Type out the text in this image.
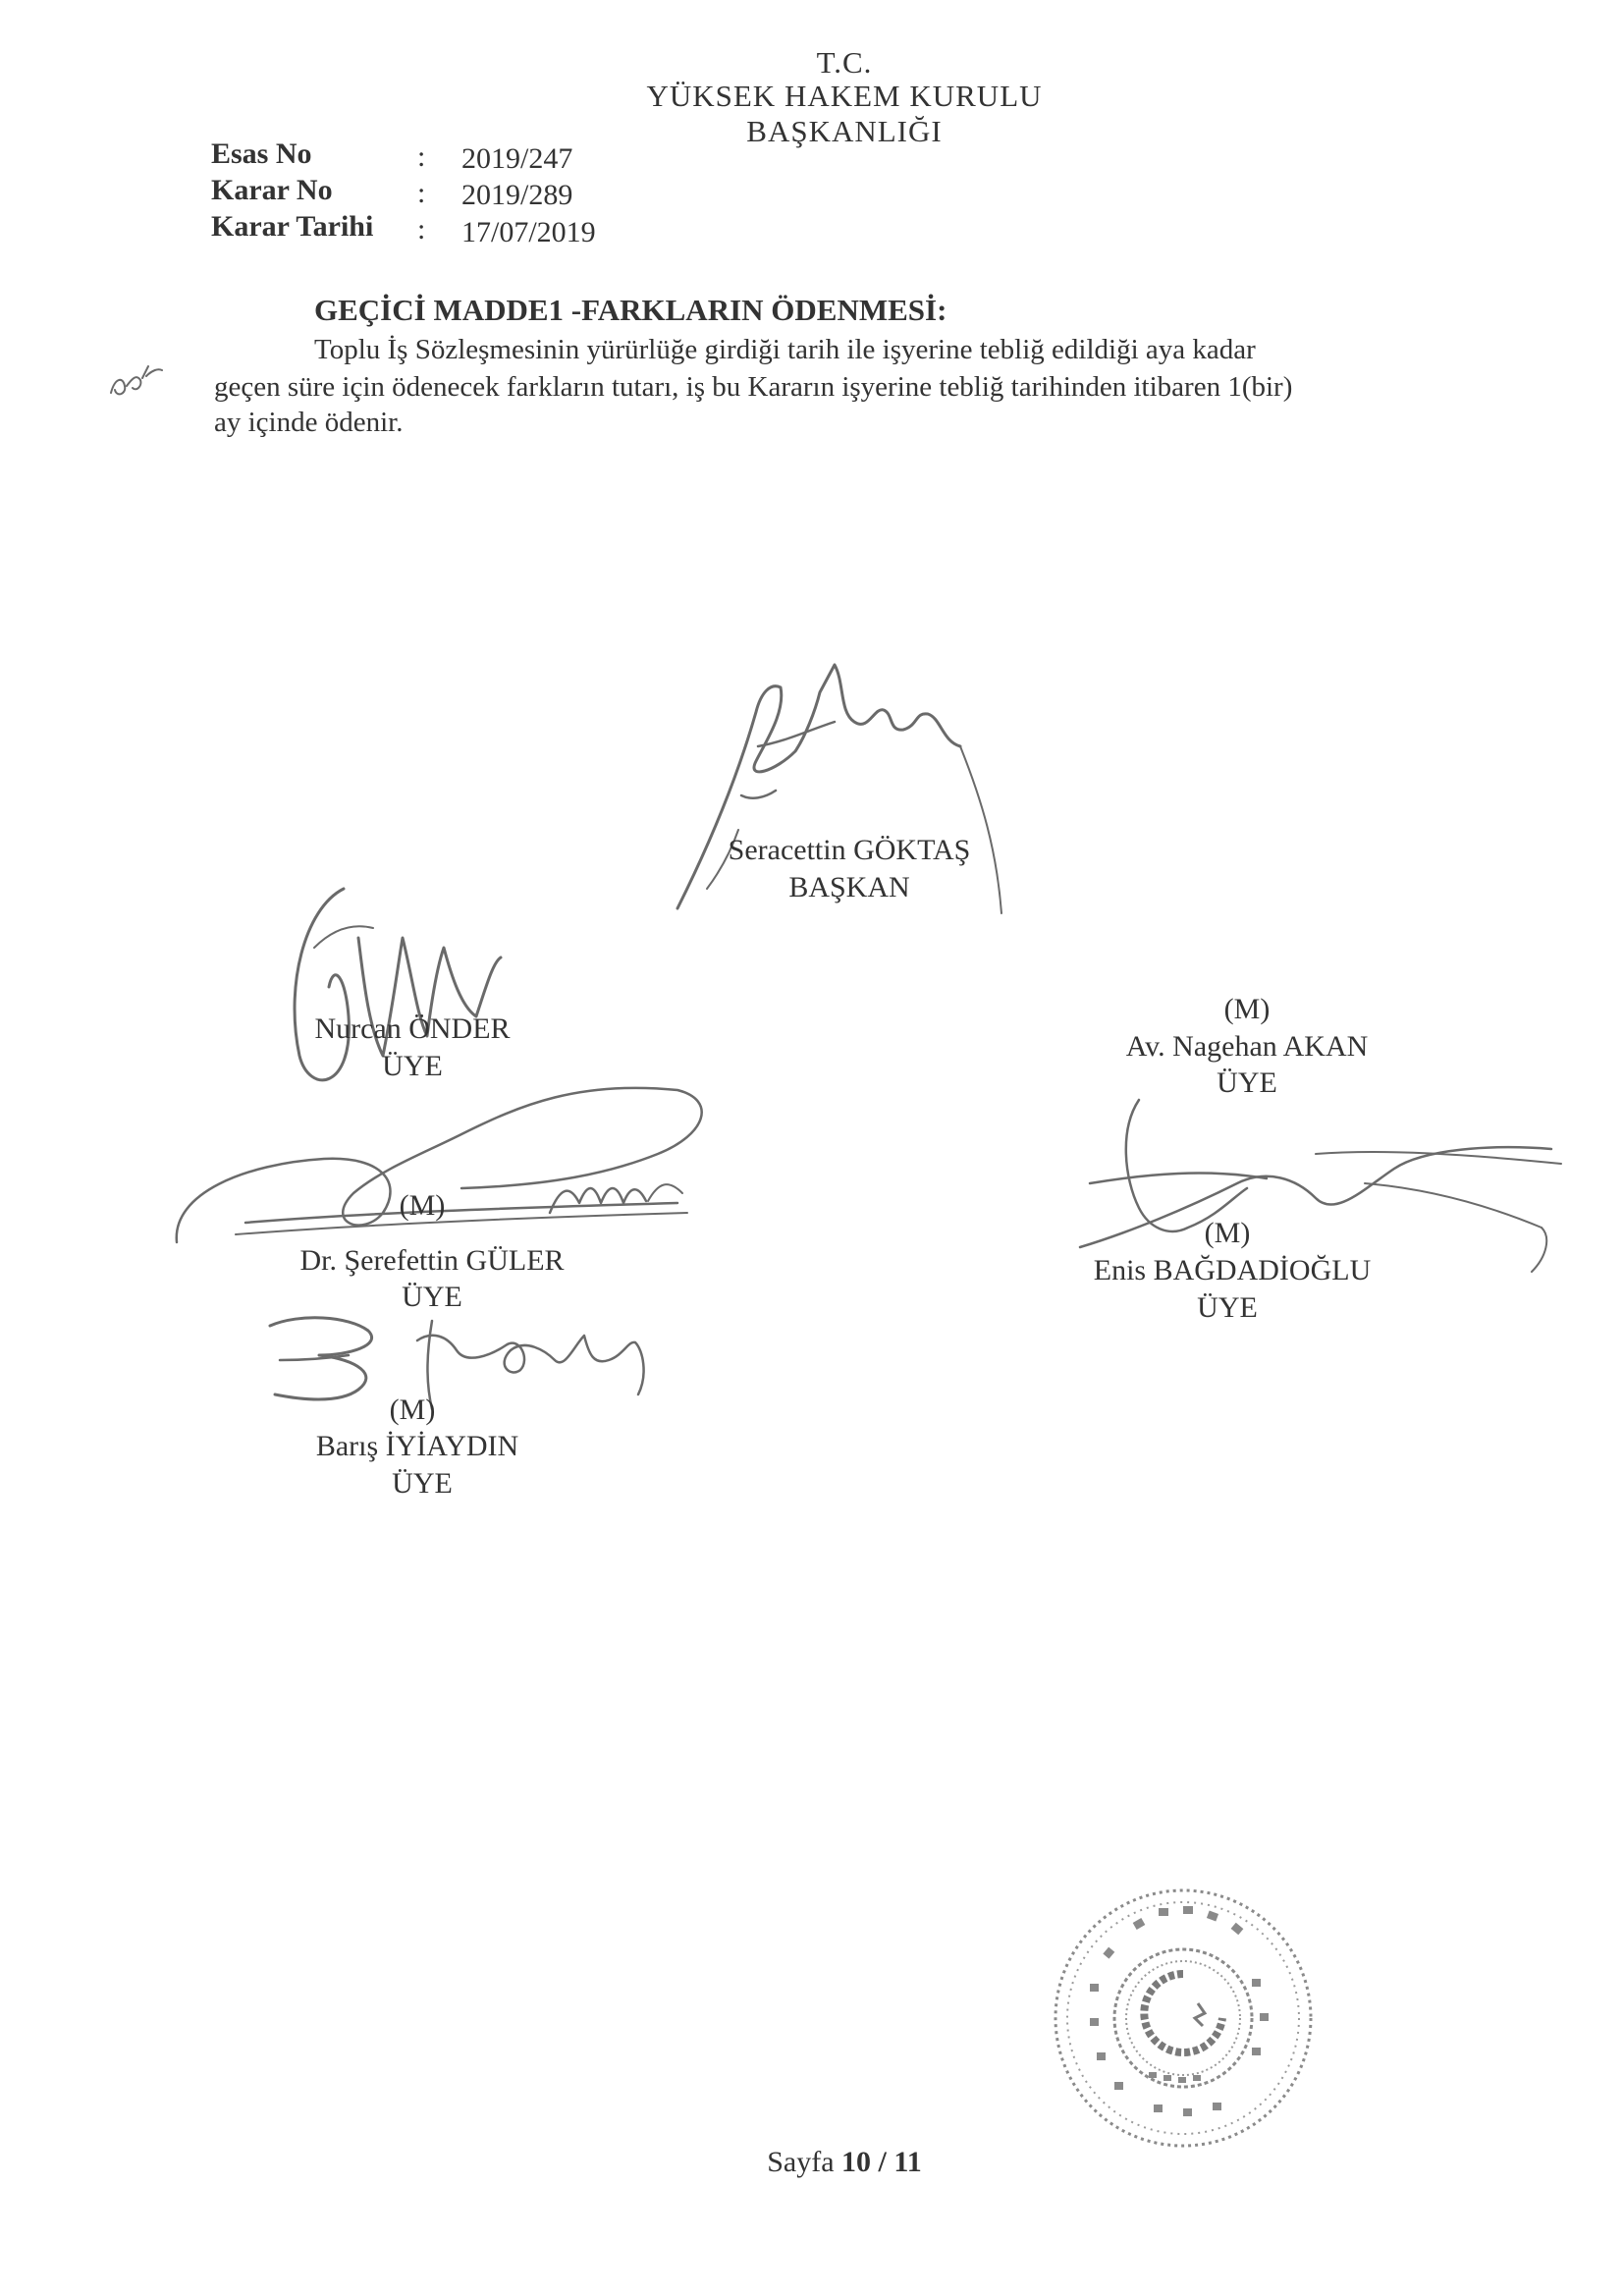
T.C.
YÜKSEK HAKEM KURULU
BAŞKANLIĞI
Esas No	: 2019/247
Karar No	: 2019/289
Karar Tarihi : 17/07/2019
GEÇİCİ MADDE1 -FARKLARIN ÖDENMESİ:
Toplu İş Sözleşmesinin yürürlüğe girdiği tarih ile işyerine tebliğ edildiği aya kadar
geçen süre için ödenecek farkların tutarı, iş bu Kararın işyerine tebliğ tarihinden itibaren 1(bir)
ay içinde ödenir.
Seracettin GÖKTAŞ
BAŞKAN
Nurcan ÖNDER
ÜYE
(M)
Av. Nagehan AKAN
ÜYE
(M)
Dr. Şerefettin GÜLER
ÜYE
(M)
Enis BAĞDADİOĞLU
ÜYE
(M)
Barış İYİAYDIN
ÜYE
Sayfa 10 / 11
